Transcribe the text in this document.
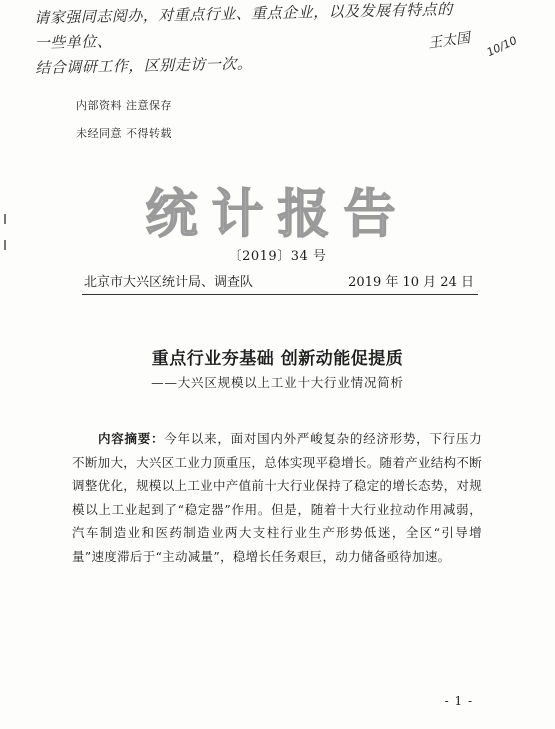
请家强同志阅办，对重点行业、重点企业，以及发展有特点的一些单位、
结合调研工作，区别走访一次。
王太国 10/10
内部资料 注意保存
未经同意 不得转载
统计报告
〔2019〕34 号
北京市大兴区统计局、调查队	2019 年 10 月 24 日
重点行业夯基础 创新动能促提质
——大兴区规模以上工业十大行业情况简析
内容摘要：今年以来，面对国内外严峻复杂的经济形势，下行压力不断加大，大兴区工业力顶重压，总体实现平稳增长。随着产业结构不断调整优化，规模以上工业中产值前十大行业保持了稳定的增长态势，对规模以上工业起到了“稳定器”作用。但是，随着十大行业拉动作用减弱，汽车制造业和医药制造业两大支柱行业生产形势低迷，全区“引导增量”速度滞后于“主动减量”，稳增长任务艰巨，动力储备亟待加速。
- 1 -
